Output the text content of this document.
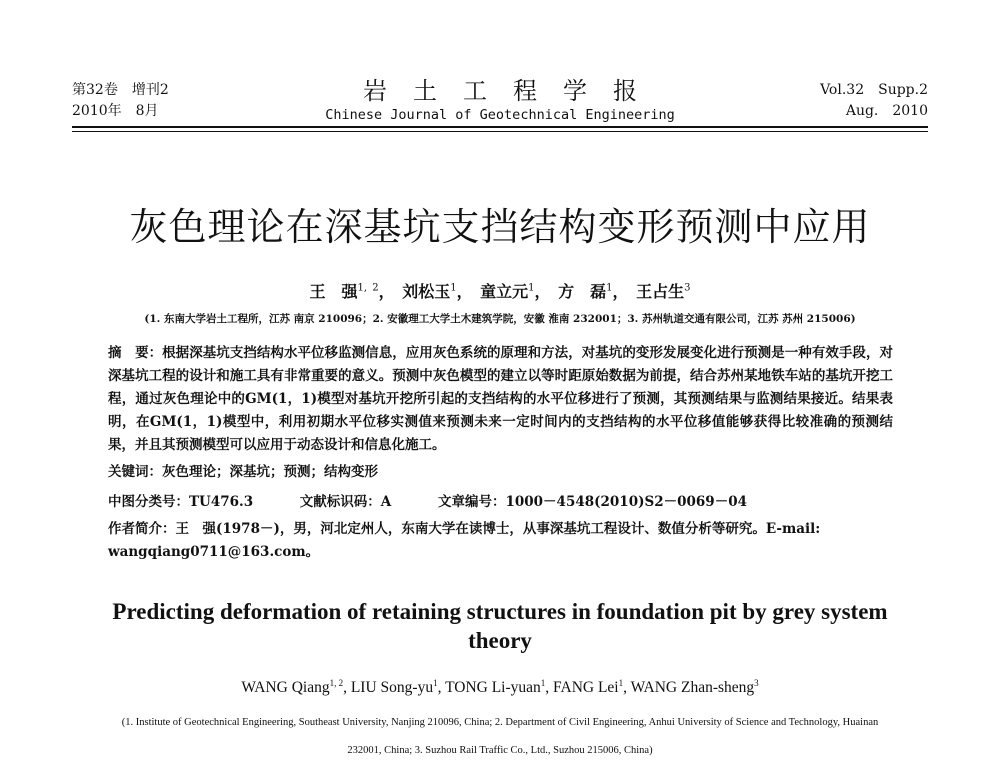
第32卷　增刊2
2010年　8月
岩土工程学报
Chinese Journal of Geotechnical Engineering
Vol.32　Supp.2
Aug.　2010
灰色理论在深基坑支挡结构变形预测中应用
王　强$^{1, 2}$， 刘松玉$^1$， 童立元$^1$， 方　磊$^1$， 王占生$^3$
(1. 东南大学岩土工程所，江苏 南京 210096；2. 安徽理工大学土木建筑学院，安徽 淮南 232001；3. 苏州轨道交通有限公司，江苏 苏州 215006)
摘　要：根据深基坑支挡结构水平位移监测信息，应用灰色系统的原理和方法，对基坑的变形发展变化进行预测是一种有效手段，对深基坑工程的设计和施工具有非常重要的意义。预测中灰色模型的建立以等时距原始数据为前提，结合苏州某地铁车站的基坑开挖工程，通过灰色理论中的GM(1，1)模型对基坑开挖所引起的支挡结构的水平位移进行了预测，其预测结果与监测结果接近。结果表明，在GM(1，1)模型中，利用初期水平位移实测值来预测未来一定时间内的支挡结构的水平位移值能够获得比较准确的预测结果，并且其预测模型可以应用于动态设计和信息化施工。
关键词：灰色理论；深基坑；预测；结构变形
中图分类号：TU476.3	文献标识码：A	文章编号：1000－4548(2010)S2－0069－04
作者简介：王　强(1978－)，男，河北定州人，东南大学在读博士，从事深基坑工程设计、数值分析等研究。E-mail: wangqiang0711@163.com。
Predicting deformation of retaining structures in foundation pit by grey system theory
WANG Qiang$^{1, 2}$, LIU Song-$yu^1$, TONG Li-yuan$^1$, FANG Lei$^1$, WANG Zhan-sheng$^3$
(1. Institute of Geotechnical Engineering, Southeast University, Nanjing 210096, China; 2. Department of Civil Engineering, Anhui University of Science and Technology, Huainan 232001, China; 3. Suzhou Rail Traffic Co., Ltd., Suzhou 215006, China)
